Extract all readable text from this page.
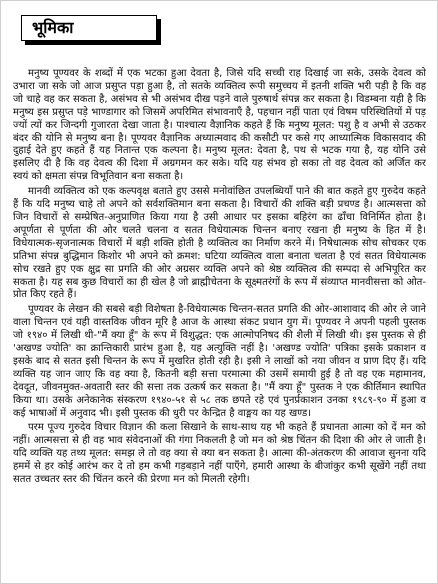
भूमिका

मनुष्य पूण्यवर के शब्दों में एक भटका हुआ देवता है, जिसे यदि सच्ची राह दिखाई जा सके, उसके देवत्व को उभारा जा सके जो आज प्रसुप्त पड़ा हुआ है, तो सतके व्यक्तित्व रूपी समुच्चय में इतनी शक्ति भरी पड़ी है कि वह जो चाहे वह कर सकता है, असंभव से भी असंभव दीख पड़ने वाले पुरुषार्थ संपन्न कर सकता है। विडम्बना यही है कि मनुष्य इस प्रसुप्त पड़े भाण्डागार को जिसमें अपरिमित संभावनाएँ है, पहचान नहीं पाता एवं विषम परिस्थितियों में पड़ ज्यों त्यों कर जिन्दगी गुजारता देखा जाता है। पाश्चात्य वैज्ञानिक कहते हैं कि मनुष्य मूलत: पशु है व अभी से उठकर बंदर की योनि से मनुष्य बना है। पूण्यवर वैज्ञानिक अध्यात्मवाद की कसौटी पर कसे गए आध्यात्मिक विकासवाद की दुहाई देते हुए कहते हैं यह नितान्त एक कल्पना है। मनुष्य मूलत: देवता है, पथ से भटक गया है, यह योनि उसे इसलिए दी है कि वह देवत्व की दिशा में अग्रगमन कर सके। यदि यह संभव हो सका तो वह देवत्व को अर्जित कर स्वयं को क्षमता संपन्न विभूतिवान बना सकता है।

मानवी व्यक्तित्व को एक कल्पवृक्ष बताते हुए उससे मनोवांछित उपलब्धियाँ पाने की बात कहते हुए गुरुदेव कहते हैं कि यदि मनुष्य चाहे तो अपने को सर्वशक्तिमान बना सकता है। विचारों की शक्ति बड़ी प्रचण्ड है। आत्मसत्ता को जिन विचारों से सम्प्रेषित-अनुप्राणित किया गया है उसी आधार पर इसका बहिरंग का ढाँचा विनिर्मित होता है। अपूर्णता से पूर्णता की ओर चलते चलना व सतत विधेयात्मक चिन्तन बनाए रखना ही मनुष्य के हित में है। विधेयात्मक-सृजनात्मक विचारों में बड़ी शक्ति होती है व्यक्तित्व का निर्माण करने में। निषेधात्मक सोच सोचकर एक प्रतिभा संपन्न बुद्धिमान किशोर भी अपने को क्रमश: घटिया व्यक्तित्व वाला बनाता चलता है एवं सतत विधेयात्मक सोच रखते हुए एक क्षुद्र सा प्रगति की ओर अग्रसर व्यक्ति अपने को श्रेष्ठ व्यक्तित्व की सम्पदा से अभिपूरित कर सकता है। यह सब कुछ विचारों का ही खेल है जो ब्राह्मीचेतना के सूक्ष्मतरंगों के रूप में संव्याप्त मानवीसत्ता को ओत-प्रोत किए रहते हैं।

पूण्यवर के लेखन की सबसे बड़ी विशेषता है-विधेयात्मक चिन्तन-सतत प्रगति की ओर-आशावाद की ओर ले जाने वाला चिन्तन एवं यही वास्तविक जीवन मूरि है आज के आस्था संकट प्रधान युग में। पूण्यवर ने अपनी पहली पुस्तक जो १९४० में लिखी थी-"मैं क्या हूँ" के रूप में विशुद्धत: एक आत्मोपनिषद की शैली में लिखी थी। इस पुस्तक से ही 'अखण्ड ज्योति' का क्रान्तिकारी प्रारंभ हुआ है, यह अत्युक्ति नहीं है। 'अखण्ड ज्योति' पत्रिका इसके प्रकाशन व इसके बाद से सतत इसी चिन्तन के रूप में मुखरित होती रही है। इसी ने लाखों को नया जीवन व प्राण दिए हैं। यदि व्यक्ति यह जान जाए कि वह क्या है, कितनी बड़ी सत्ता परमात्मा की उसमें समायी हुई है तो वह एक महामानव, देवदूत, जीवनमुक्त-अवतारी स्तर की सत्ता तक उत्कर्ष कर सकता है। "मैं क्या हूँ" पुस्तक ने एक कीर्तिमान स्थापित किया था। उसके अनेकानेक संस्करण १९४०-५१ से ५८ तक छपते रहे एवं पुनर्प्रकाशन उनका १९८९-९० में हुआ व कई भाषाओं में अनुवाद भी। इसी पुस्तक की धुरी पर केन्द्रित है वाङ्मय का यह खण्ड।

परम पूज्य गुरुदेव विचार विज्ञान की कला सिखाने के साथ-साथ यह भी कहते हैं प्रधानता आत्मा को दें मन को नहीं। आत्मसत्ता से ही वह भाव संवेदनाओं की गंगा निकलती है जो मन को श्रेष्ठ चिंतन की दिशा की ओर ले जाती है। यदि व्यक्ति यह तथ्य मूलत: समझ ले तो वह क्या से क्या बन सकता है। आत्मा की-अंतकरण की आवाज सुनना यदि हममें से हर कोई आरंभ कर दे तो हम कभी गड़बड़ाने नहीं पाएँगे, हमारी आस्था के बीजांकुर कभी सूखेंगे नहीं तथा सतत उच्चतर स्तर की चिंतन करने की प्रेरणा मन को मिलती रहेगी।
